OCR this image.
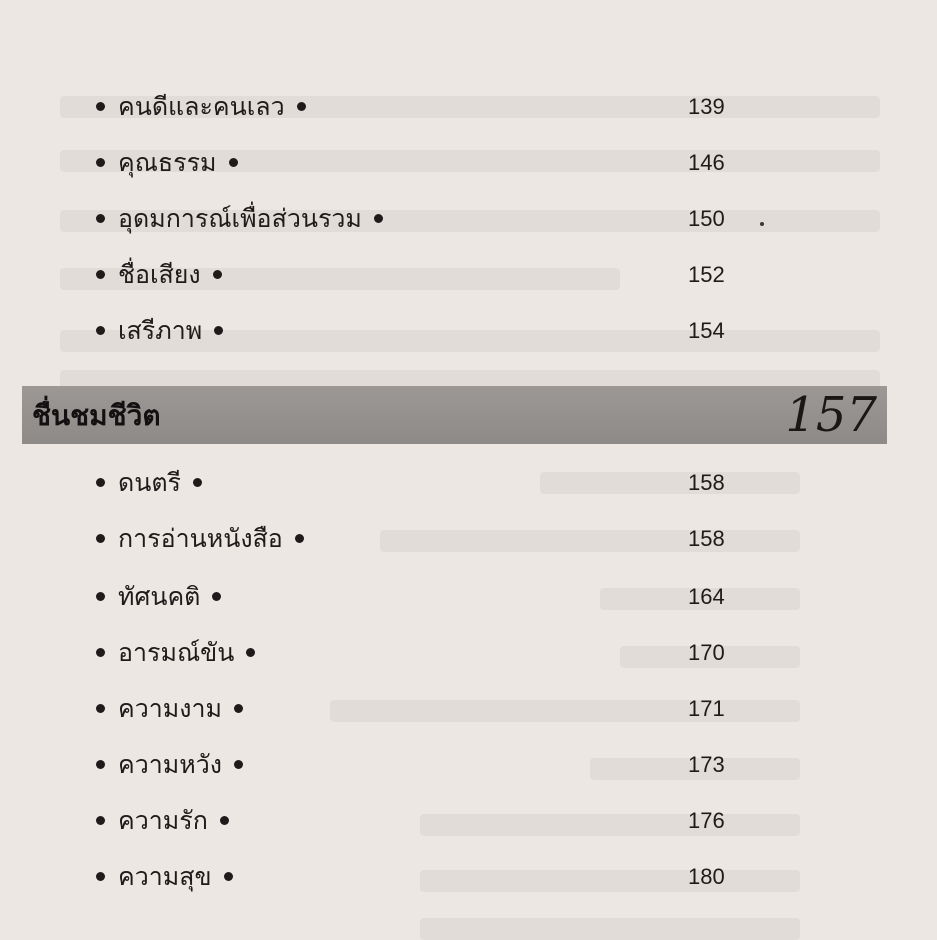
คนดีและคนเลว	139
คุณธรรม	146
อุดมการณ์เพื่อส่วนรวม	150
ชื่อเสียง	152
เสรีภาพ	154
ชื่นชมชีวิต	157
ดนตรี	158
การอ่านหนังสือ	158
ทัศนคติ	164
อารมณ์ขัน	170
ความงาม	171
ความหวัง	173
ความรัก	176
ความสุข	180
